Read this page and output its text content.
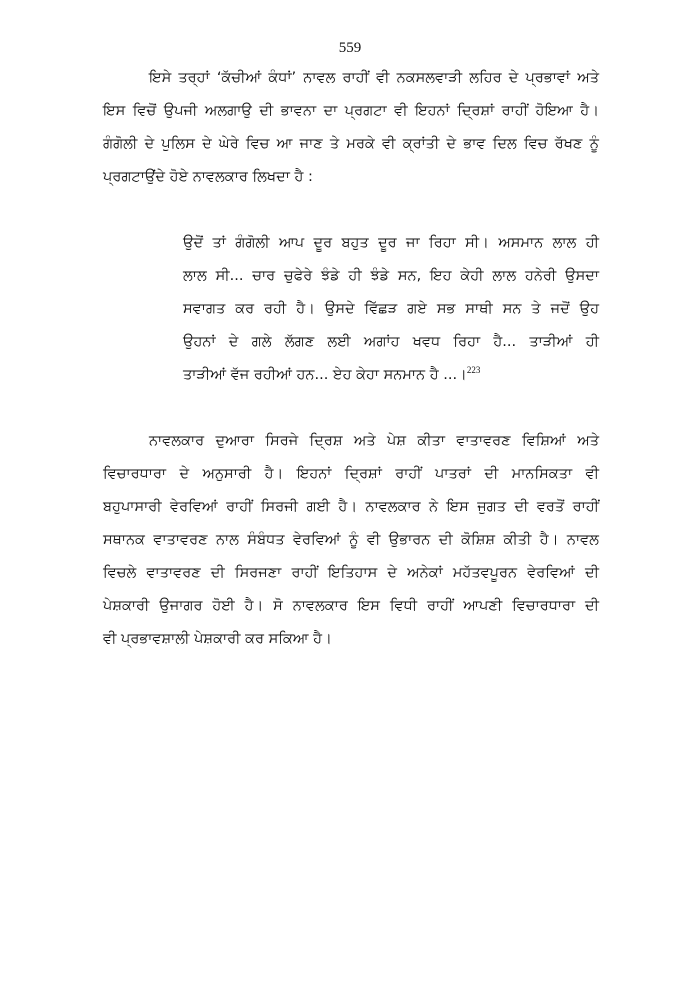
559
ਇਸੇ ਤਰ੍ਹਾਂ ‘ਕੱਚੀਆਂ ਕੰਧਾਂ’ ਨਾਵਲ ਰਾਹੀਂ ਵੀ ਨਕਸਲਵਾੜੀ ਲਹਿਰ ਦੇ ਪ੍ਰਭਾਵਾਂ ਅਤੇ
ਇਸ ਵਿਚੋਂ ਉਪਜੀ ਅਲਗਾਉ ਦੀ ਭਾਵਨਾ ਦਾ ਪ੍ਰਗਟਾ ਵੀ ਇਹਨਾਂ ਦ੍ਰਿਸ਼ਾਂ ਰਾਹੀਂ ਹੋਇਆ ਹੈ।
ਗੰਗੋਲੀ ਦੇ ਪੁਲਿਸ ਦੇ ਘੇਰੇ ਵਿਚ ਆ ਜਾਣ ਤੇ ਮਰਕੇ ਵੀ ਕ੍ਰਾਂਤੀ ਦੇ ਭਾਵ ਦਿਲ ਵਿਚ ਰੱਖਣ ਨੂੰ
ਪ੍ਰਗਟਾਉਂਦੇ ਹੋਏ ਨਾਵਲਕਾਰ ਲਿਖਦਾ ਹੈ :
ਉਦੋਂ ਤਾਂ ਗੰਗੋਲੀ ਆਪ ਦੂਰ ਬਹੁਤ ਦੂਰ ਜਾ ਰਿਹਾ ਸੀ। ਅਸਮਾਨ ਲਾਲ ਹੀ
ਲਾਲ ਸੀ... ਚਾਰ ਚੁਫੇਰੇ ਝੰਡੇ ਹੀ ਝੰਡੇ ਸਨ, ਇਹ ਕੇਹੀ ਲਾਲ ਹਨੇਰੀ ਉਸਦਾ
ਸਵਾਗਤ ਕਰ ਰਹੀ ਹੈ। ਉਸਦੇ ਵਿੱਛੜ ਗਏ ਸਭ ਸਾਥੀ ਸਨ ਤੇ ਜਦੋਂ ਉਹ
ਉਹਨਾਂ ਦੇ ਗਲੇ ਲੱਗਣ ਲਈ ਅਗਾਂਹ ਖਵਧ ਰਿਹਾ ਹੈ... ਤਾੜੀਆਂ ਹੀ
ਤਾੜੀਆਂ ਵੱਜ ਰਹੀਆਂ ਹਨ... ਏਹ ਕੇਹਾ ਸਨਮਾਨ ਹੈ ...।$^{223}$
ਨਾਵਲਕਾਰ ਦੁਆਰਾ ਸਿਰਜੇ ਦ੍ਰਿਸ਼ ਅਤੇ ਪੇਸ਼ ਕੀਤਾ ਵਾਤਾਵਰਣ ਵਿਸ਼ਿਆਂ ਅਤੇ
ਵਿਚਾਰਧਾਰਾ ਦੇ ਅਨੁਸਾਰੀ ਹੈ। ਇਹਨਾਂ ਦ੍ਰਿਸ਼ਾਂ ਰਾਹੀਂ ਪਾਤਰਾਂ ਦੀ ਮਾਨਸਿਕਤਾ ਵੀ
ਬਹੁਪਾਸਾਰੀ ਵੇਰਵਿਆਂ ਰਾਹੀਂ ਸਿਰਜੀ ਗਈ ਹੈ। ਨਾਵਲਕਾਰ ਨੇ ਇਸ ਜੁਗਤ ਦੀ ਵਰਤੋਂ ਰਾਹੀਂ
ਸਥਾਨਕ ਵਾਤਾਵਰਣ ਨਾਲ ਸੰਬੰਧਤ ਵੇਰਵਿਆਂ ਨੂੰ ਵੀ ਉਭਾਰਨ ਦੀ ਕੋਸ਼ਿਸ਼ ਕੀਤੀ ਹੈ। ਨਾਵਲ
ਵਿਚਲੇ ਵਾਤਾਵਰਣ ਦੀ ਸਿਰਜਣਾ ਰਾਹੀਂ ਇਤਿਹਾਸ ਦੇ ਅਨੇਕਾਂ ਮਹੱਤਵਪੂਰਨ ਵੇਰਵਿਆਂ ਦੀ
ਪੇਸ਼ਕਾਰੀ ਉਜਾਗਰ ਹੋਈ ਹੈ। ਸੋ ਨਾਵਲਕਾਰ ਇਸ ਵਿਧੀ ਰਾਹੀਂ ਆਪਣੀ ਵਿਚਾਰਧਾਰਾ ਦੀ
ਵੀ ਪ੍ਰਭਾਵਸ਼ਾਲੀ ਪੇਸ਼ਕਾਰੀ ਕਰ ਸਕਿਆ ਹੈ।
